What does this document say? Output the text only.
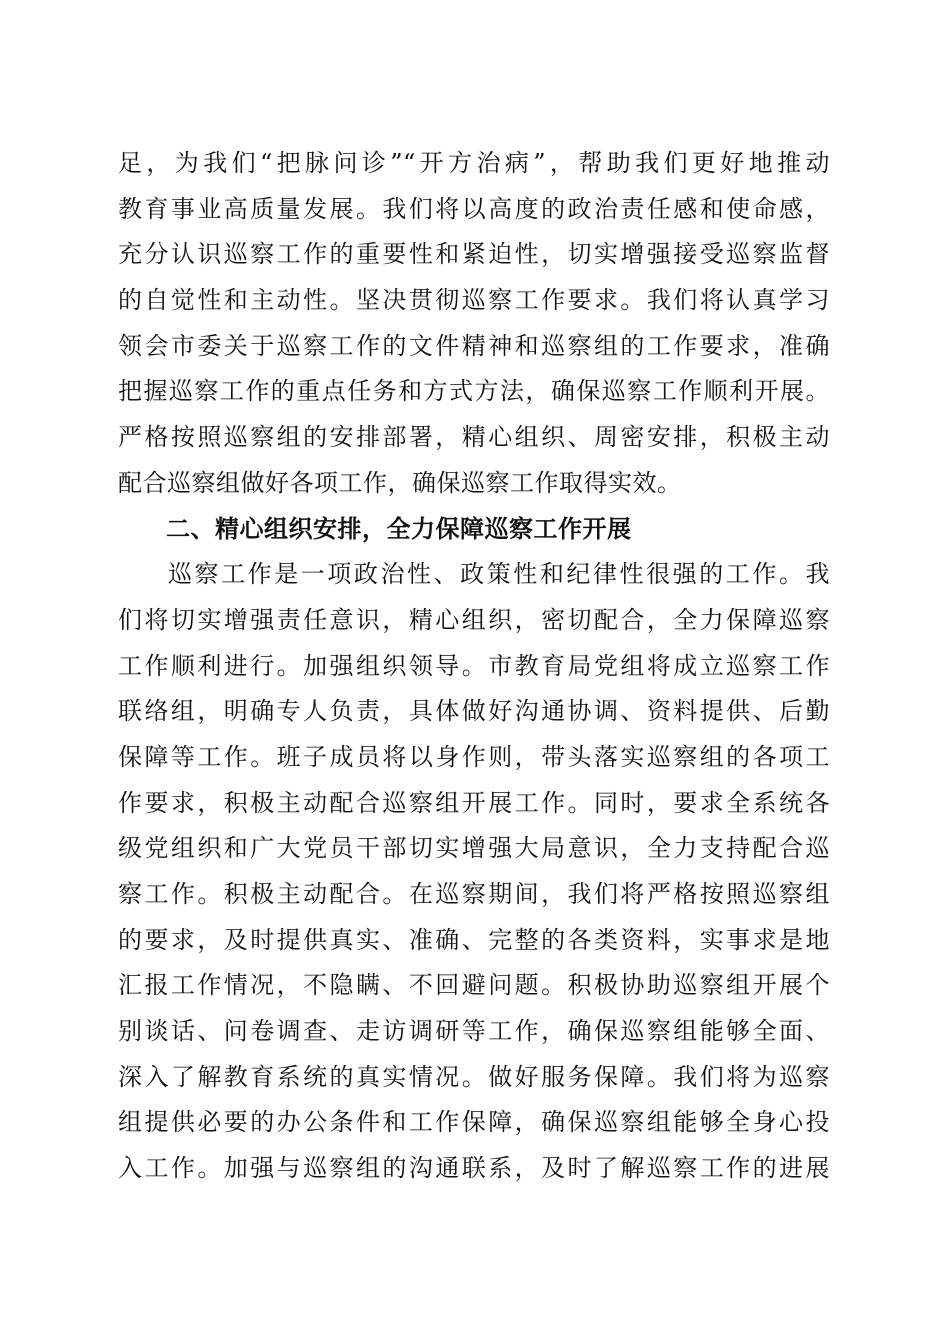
足，为我们“把脉问诊”“开方治病”，帮助我们更好地推动
教育事业高质量发展。我们将以高度的政治责任感和使命感，
充分认识巡察工作的重要性和紧迫性，切实增强接受巡察监督
的自觉性和主动性。坚决贯彻巡察工作要求。我们将认真学习
领会市委关于巡察工作的文件精神和巡察组的工作要求，准确
把握巡察工作的重点任务和方式方法，确保巡察工作顺利开展。
严格按照巡察组的安排部署，精心组织、周密安排，积极主动
配合巡察组做好各项工作，确保巡察工作取得实效。
二、精心组织安排，全力保障巡察工作开展
巡察工作是一项政治性、政策性和纪律性很强的工作。我
们将切实增强责任意识，精心组织，密切配合，全力保障巡察
工作顺利进行。加强组织领导。市教育局党组将成立巡察工作
联络组，明确专人负责，具体做好沟通协调、资料提供、后勤
保障等工作。班子成员将以身作则，带头落实巡察组的各项工
作要求，积极主动配合巡察组开展工作。同时，要求全系统各
级党组织和广大党员干部切实增强大局意识，全力支持配合巡
察工作。积极主动配合。在巡察期间，我们将严格按照巡察组
的要求，及时提供真实、准确、完整的各类资料，实事求是地
汇报工作情况，不隐瞒、不回避问题。积极协助巡察组开展个
别谈话、问卷调查、走访调研等工作，确保巡察组能够全面、
深入了解教育系统的真实情况。做好服务保障。我们将为巡察
组提供必要的办公条件和工作保障，确保巡察组能够全身心投
入工作。加强与巡察组的沟通联系，及时了解巡察工作的进展
